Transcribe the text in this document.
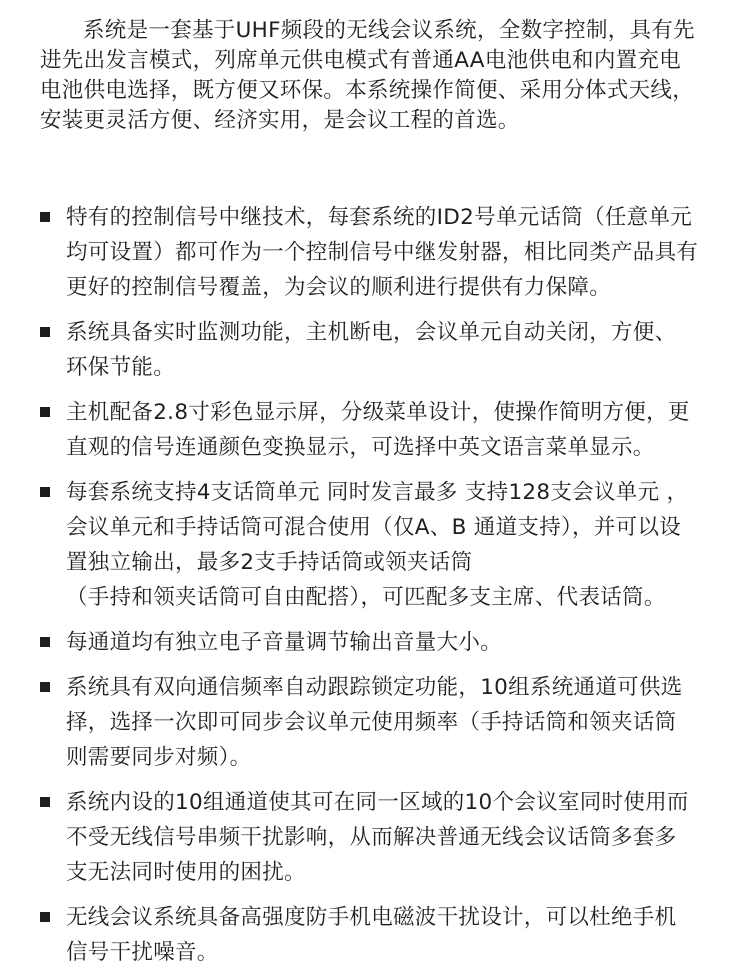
系统是一套基于UHF频段的无线会议系统，全数字控制，具有先

进先出发言模式，列席单元供电模式有普通AA电池供电和内置充电

电池供电选择，既方便又环保。本系统操作简便、采用分体式天线，

安装更灵活方便、经济实用，是会议工程的首选。

特有的控制信号中继技术，每套系统的ID2号单元话筒（任意单元

均可设置）都可作为一个控制信号中继发射器，相比同类产品具有

更好的控制信号覆盖，为会议的顺利进行提供有力保障。

系统具备实时监测功能，主机断电，会议单元自动关闭，方便、

环保节能。

主机配备2.8寸彩色显示屏，分级菜单设计，使操作简明方便，更

直观的信号连通颜色变换显示，可选择中英文语言菜单显示。

每套系统支持4支话筒单元 同时发言最多 支持128支会议单元 ，

会议单元和手持话筒可混合使用（仅A、B 通道支持），并可以设

置独立输出，最多2支手持话筒或领夹话筒

（手持和领夹话筒可自由配搭），可匹配多支主席、代表话筒。

每通道均有独立电子音量调节输出音量大小。

系统具有双向通信频率自动跟踪锁定功能，10组系统通道可供选

择，选择一次即可同步会议单元使用频率（手持话筒和领夹话筒

则需要同步对频）。

系统内设的10组通道使其可在同一区域的10个会议室同时使用而

不受无线信号串频干扰影响，从而解决普通无线会议话筒多套多

支无法同时使用的困扰。

无线会议系统具备高强度防手机电磁波干扰设计，可以杜绝手机

信号干扰噪音。
